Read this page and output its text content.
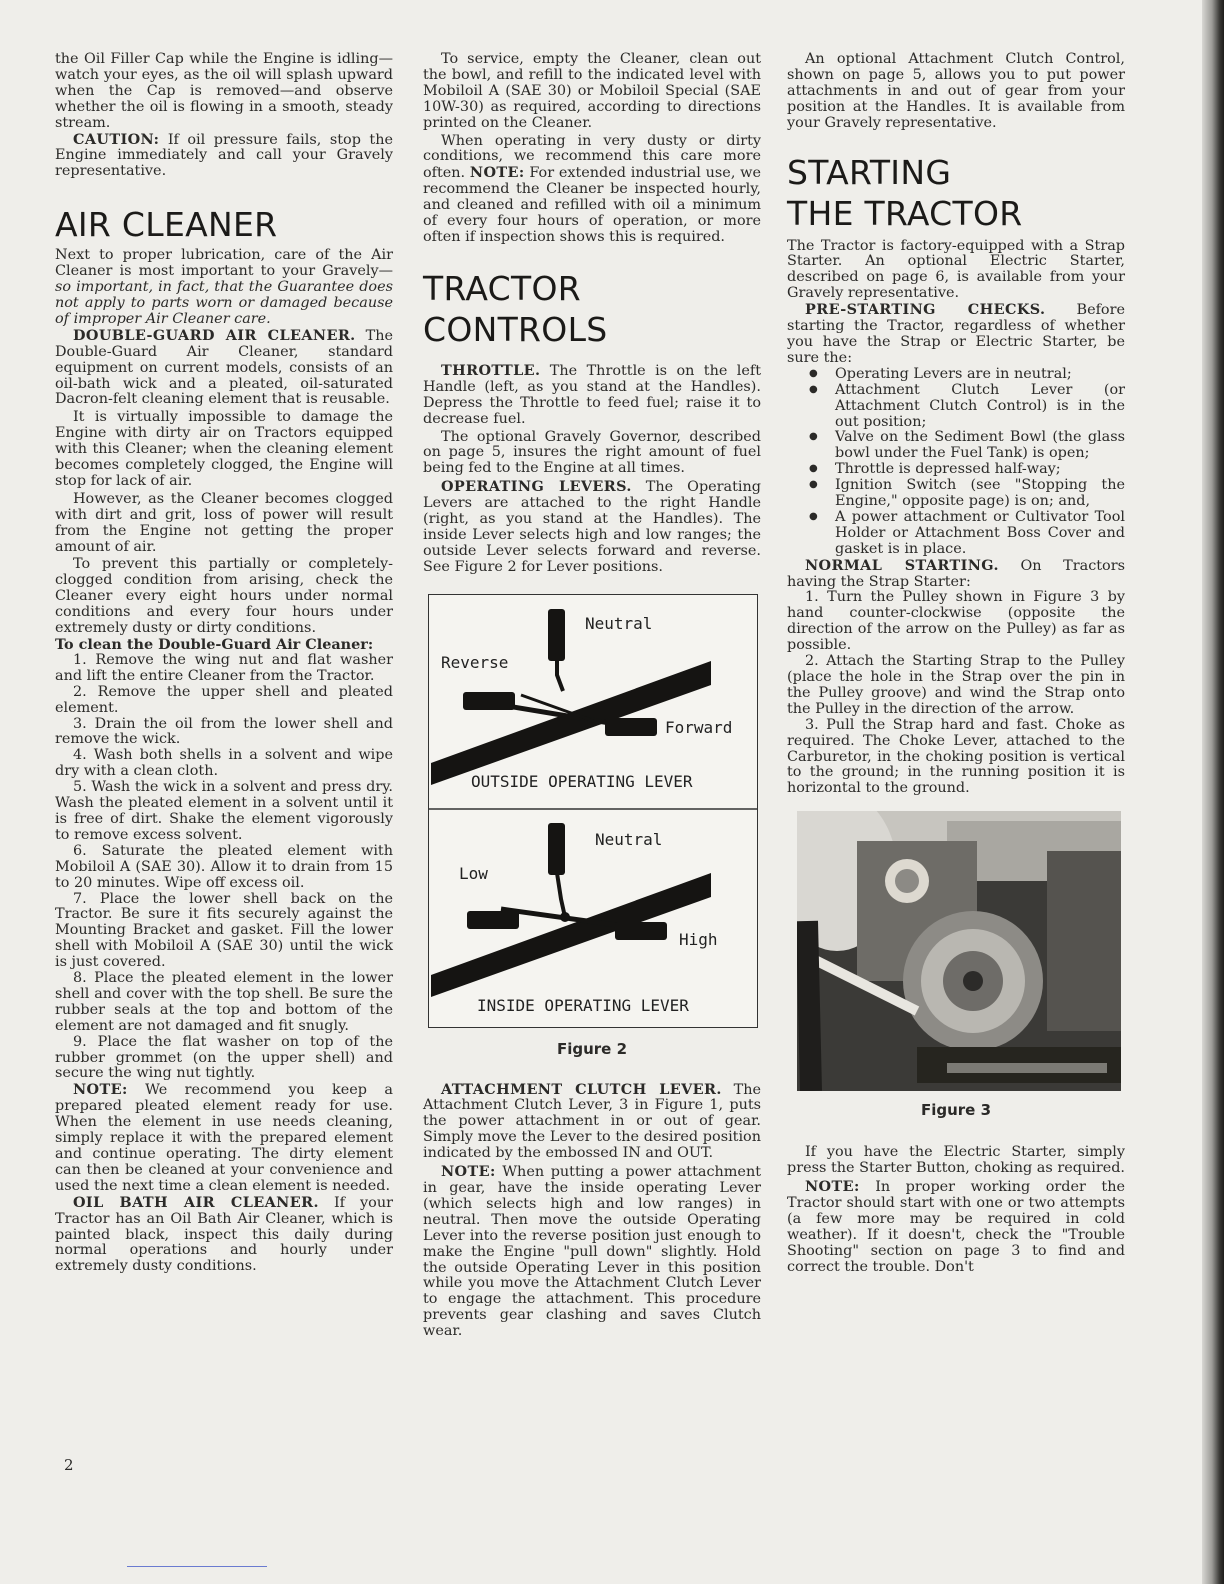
the Oil Filler Cap while the Engine is idling—watch your eyes, as the oil will splash upward when the Cap is removed—and observe whether the oil is flowing in a smooth, steady stream.

CAUTION: If oil pressure fails, stop the Engine immediately and call your Gravely representative.

AIR CLEANER

Next to proper lubrication, care of the Air Cleaner is most important to your Gravely—so important, in fact, that the Guarantee does not apply to parts worn or damaged because of improper Air Cleaner care.

DOUBLE-GUARD AIR CLEANER. The Double-Guard Air Cleaner, standard equipment on current models, consists of an oil-bath wick and a pleated, oil-saturated Dacron-felt cleaning element that is reusable.

It is virtually impossible to damage the Engine with dirty air on Tractors equipped with this Cleaner; when the cleaning element becomes completely clogged, the Engine will stop for lack of air.

However, as the Cleaner becomes clogged with dirt and grit, loss of power will result from the Engine not getting the proper amount of air.

To prevent this partially or completely-clogged condition from arising, check the Cleaner every eight hours under normal conditions and every four hours under extremely dusty or dirty conditions.

To clean the Double-Guard Air Cleaner:

1. Remove the wing nut and flat washer and lift the entire Cleaner from the Tractor.
2. Remove the upper shell and pleated element.
3. Drain the oil from the lower shell and remove the wick.
4. Wash both shells in a solvent and wipe dry with a clean cloth.
5. Wash the wick in a solvent and press dry. Wash the pleated element in a solvent until it is free of dirt. Shake the element vigorously to remove excess solvent.
6. Saturate the pleated element with Mobiloil A (SAE 30). Allow it to drain from 15 to 20 minutes. Wipe off excess oil.
7. Place the lower shell back on the Tractor. Be sure it fits securely against the Mounting Bracket and gasket. Fill the lower shell with Mobiloil A (SAE 30) until the wick is just covered.
8. Place the pleated element in the lower shell and cover with the top shell. Be sure the rubber seals at the top and bottom of the element are not damaged and fit snugly.
9. Place the flat washer on top of the rubber grommet (on the upper shell) and secure the wing nut tightly.

NOTE: We recommend you keep a prepared pleated element ready for use. When the element in use needs cleaning, simply replace it with the prepared element and continue operating. The dirty element can then be cleaned at your convenience and used the next time a clean element is needed.

OIL BATH AIR CLEANER. If your Tractor has an Oil Bath Air Cleaner, which is painted black, inspect this daily during normal operations and hourly under extremely dusty conditions.

2

To service, empty the Cleaner, clean out the bowl, and refill to the indicated level with Mobiloil A (SAE 30) or Mobiloil Special (SAE 10W-30) as required, according to directions printed on the Cleaner.

When operating in very dusty or dirty conditions, we recommend this care more often. NOTE: For extended industrial use, we recommend the Cleaner be inspected hourly, and cleaned and refilled with oil a minimum of every four hours of operation, or more often if inspection shows this is required.

TRACTOR
CONTROLS

THROTTLE. The Throttle is on the left Handle (left, as you stand at the Handles). Depress the Throttle to feed fuel; raise it to decrease fuel.

The optional Gravely Governor, described on page 5, insures the right amount of fuel being fed to the Engine at all times.

OPERATING LEVERS. The Operating Levers are attached to the right Handle (right, as you stand at the Handles). The inside Lever selects high and low ranges; the outside Lever selects forward and reverse. See Figure 2 for Lever positions.

Neutral
Reverse
Forward
OUTSIDE OPERATING LEVER
Neutral
Low
High
INSIDE OPERATING LEVER

Figure 2

ATTACHMENT CLUTCH LEVER. The Attachment Clutch Lever, 3 in Figure 1, puts the power attachment in or out of gear. Simply move the Lever to the desired position indicated by the embossed IN and OUT.

NOTE: When putting a power attachment in gear, have the inside operating Lever (which selects high and low ranges) in neutral. Then move the outside Operating Lever into the reverse position just enough to make the Engine "pull down" slightly. Hold the outside Operating Lever in this position while you move the Attachment Clutch Lever to engage the attachment. This procedure prevents gear clashing and saves Clutch wear.

An optional Attachment Clutch Control, shown on page 5, allows you to put power attachments in and out of gear from your position at the Handles. It is available from your Gravely representative.

STARTING
THE TRACTOR

The Tractor is factory-equipped with a Strap Starter. An optional Electric Starter, described on page 6, is available from your Gravely representative.

PRE-STARTING CHECKS. Before starting the Tractor, regardless of whether you have the Strap or Electric Starter, be sure the:

● Operating Levers are in neutral;
● Attachment Clutch Lever (or Attachment Clutch Control) is in the out position;
● Valve on the Sediment Bowl (the glass bowl under the Fuel Tank) is open;
● Throttle is depressed half-way;
● Ignition Switch (see "Stopping the Engine," opposite page) is on; and,
● A power attachment or Cultivator Tool Holder or Attachment Boss Cover and gasket is in place.

NORMAL STARTING. On Tractors having the Strap Starter:

1. Turn the Pulley shown in Figure 3 by hand counter-clockwise (opposite the direction of the arrow on the Pulley) as far as possible.
2. Attach the Starting Strap to the Pulley (place the hole in the Strap over the pin in the Pulley groove) and wind the Strap onto the Pulley in the direction of the arrow.
3. Pull the Strap hard and fast. Choke as required. The Choke Lever, attached to the Carburetor, in the choking position is vertical to the ground; in the running position it is horizontal to the ground.

Figure 3

If you have the Electric Starter, simply press the Starter Button, choking as required.

NOTE: In proper working order the Tractor should start with one or two attempts (a few more may be required in cold weather). If it doesn't, check the "Trouble Shooting" section on page 3 to find and correct the trouble. Don't
